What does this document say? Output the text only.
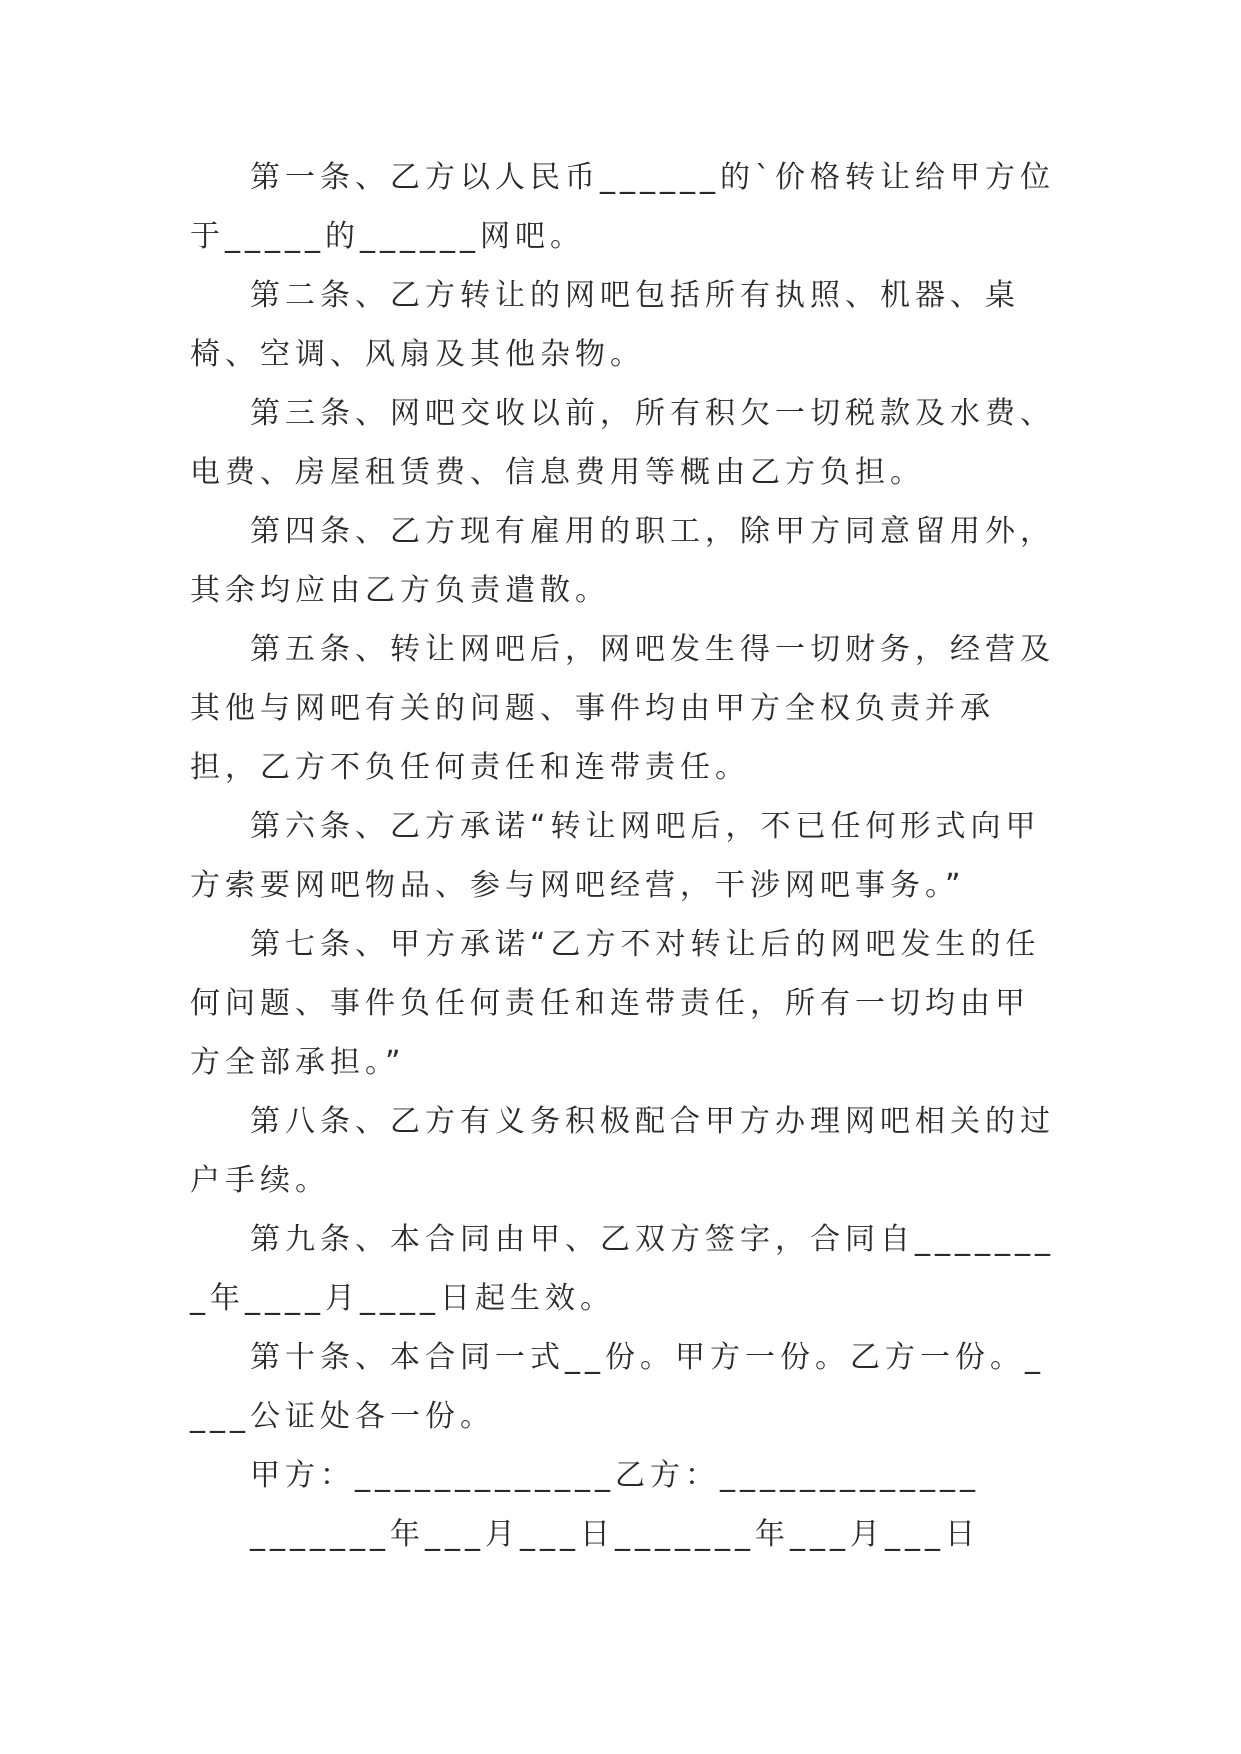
第一条、乙方以人民币______的`价格转让给甲方位于_____的______网吧。

第二条、乙方转让的网吧包括所有执照、机器、桌椅、空调、风扇及其他杂物。

第三条、网吧交收以前，所有积欠一切税款及水费、电费、房屋租赁费、信息费用等概由乙方负担。

第四条、乙方现有雇用的职工，除甲方同意留用外，其余均应由乙方负责遣散。

第五条、转让网吧后，网吧发生得一切财务，经营及其他与网吧有关的问题、事件均由甲方全权负责并承担，乙方不负任何责任和连带责任。

第六条、乙方承诺“转让网吧后，不已任何形式向甲方索要网吧物品、参与网吧经营，干涉网吧事务。”

第七条、甲方承诺“乙方不对转让后的网吧发生的任何问题、事件负任何责任和连带责任，所有一切均由甲方全部承担。”

第八条、乙方有义务积极配合甲方办理网吧相关的过户手续。

第九条、本合同由甲、乙双方签字，合同自________年____月____日起生效。

第十条、本合同一式__份。甲方一份。乙方一份。____公证处各一份。

甲方：_____________乙方：_____________

_______年___月___日_______年___月___日
